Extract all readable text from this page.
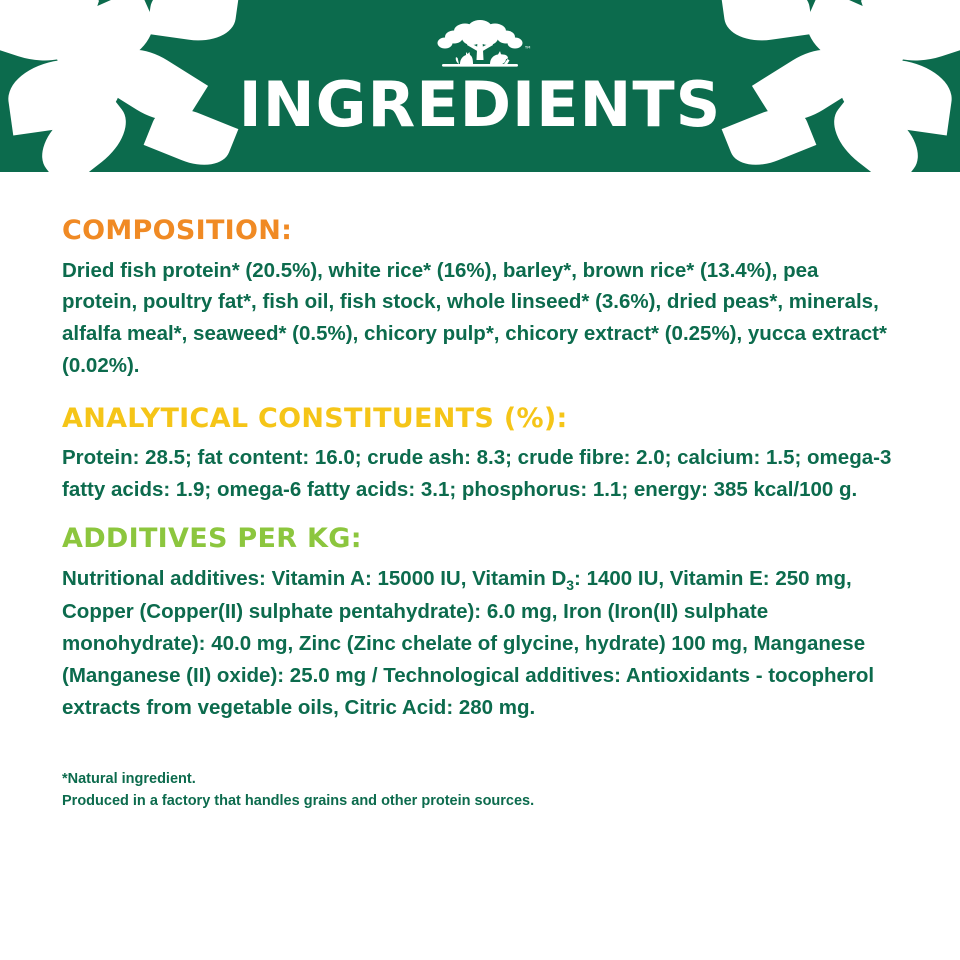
™
INGREDIENTS
COMPOSITION:

Dried fish protein* (20.5%), white rice* (16%), barley*, brown rice* (13.4%), pea protein, poultry fat*, fish oil, fish stock, whole linseed* (3.6%), dried peas*, minerals, alfalfa meal*, seaweed* (0.5%), chicory pulp*, chicory extract* (0.25%), yucca extract* (0.02%).

ANALYTICAL CONSTITUENTS (%):

Protein: 28.5; fat content: 16.0; crude ash: 8.3; crude fibre: 2.0; calcium: 1.5; omega-3 fatty acids: 1.9; omega-6 fatty acids: 3.1; phosphorus: 1.1; energy: 385 kcal/100 g.

ADDITIVES PER KG:

Nutritional additives: Vitamin A: 15000 IU, Vitamin $D_3$: 1400 IU, Vitamin E: 250 mg, Copper (Copper(II) sulphate pentahydrate): 6.0 mg, Iron (Iron(II) sulphate monohydrate): 40.0 mg, Zinc (Zinc chelate of glycine, hydrate) 100 mg, Manganese (Manganese (II) oxide): 25.0 mg / Technological additives: Antioxidants - tocopherol extracts from vegetable oils, Citric Acid: 280 mg.

*Natural ingredient.
Produced in a factory that handles grains and other protein sources.
